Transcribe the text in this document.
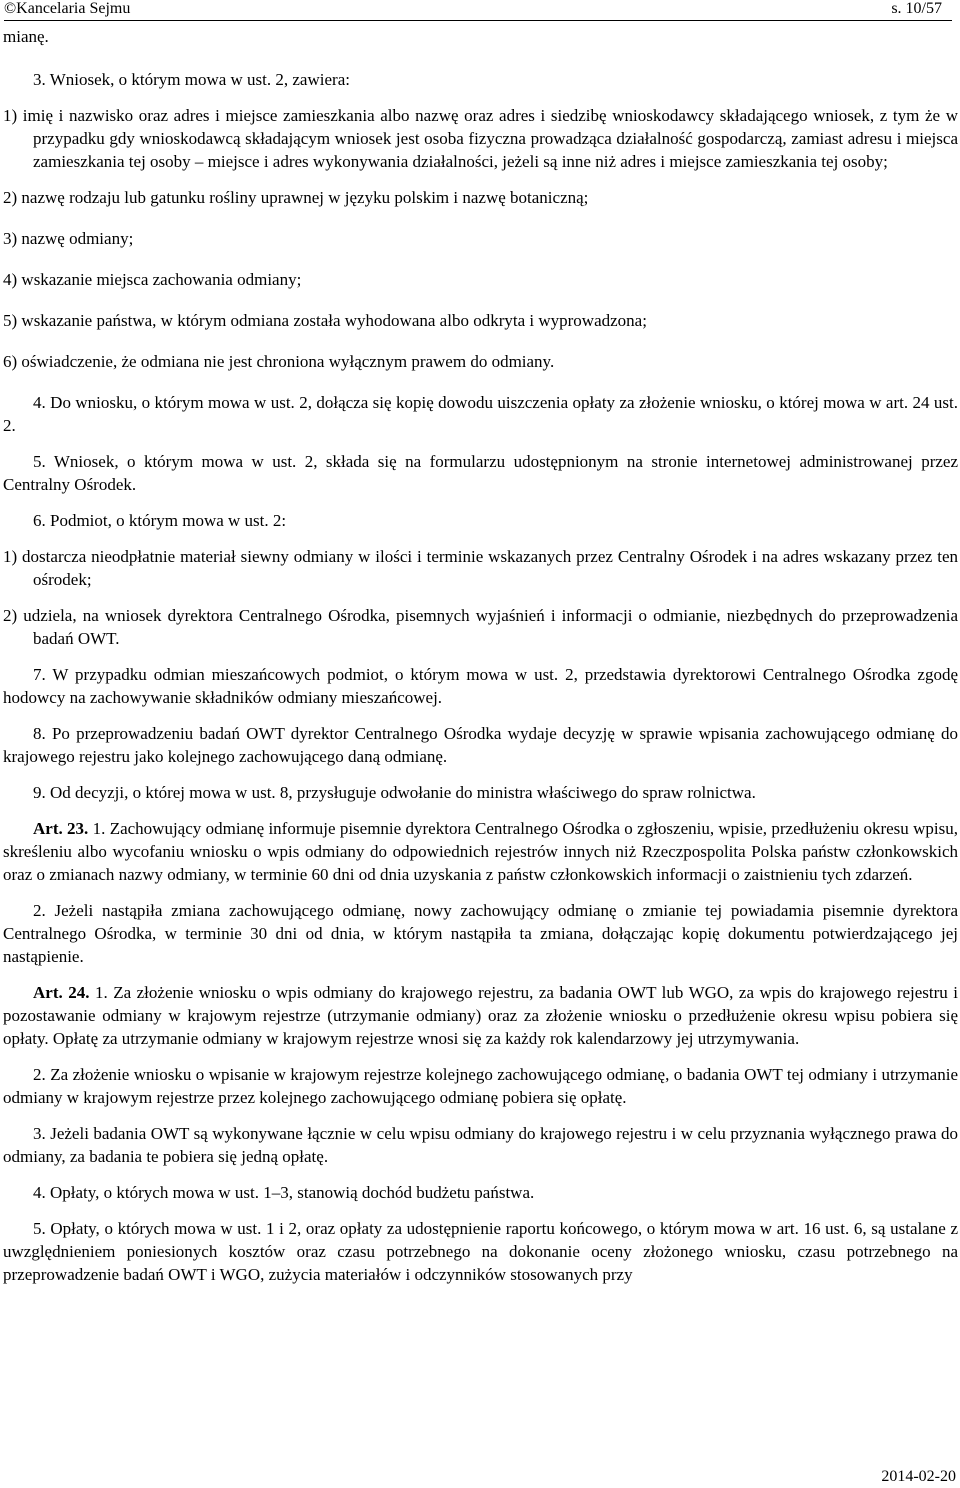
©Kancelaria Sejmu	s. 10/57

mianę.

3. Wniosek, o którym mowa w ust. 2, zawiera:

1) imię i nazwisko oraz adres i miejsce zamieszkania albo nazwę oraz adres i siedzibę wnioskodawcy składającego wniosek, z tym że w przypadku gdy wnioskodawcą składającym wniosek jest osoba fizyczna prowadząca działalność gospodarczą, zamiast adresu i miejsca zamieszkania tej osoby – miejsce i adres wykonywania działalności, jeżeli są inne niż adres i miejsce zamieszkania tej osoby;

2) nazwę rodzaju lub gatunku rośliny uprawnej w języku polskim i nazwę botaniczną;

3) nazwę odmiany;

4) wskazanie miejsca zachowania odmiany;

5) wskazanie państwa, w którym odmiana została wyhodowana albo odkryta i wyprowadzona;

6) oświadczenie, że odmiana nie jest chroniona wyłącznym prawem do odmiany.

4. Do wniosku, o którym mowa w ust. 2, dołącza się kopię dowodu uiszczenia opłaty za złożenie wniosku, o której mowa w art. 24 ust. 2.

5. Wniosek, o którym mowa w ust. 2, składa się na formularzu udostępnionym na stronie internetowej administrowanej przez Centralny Ośrodek.

6. Podmiot, o którym mowa w ust. 2:

1) dostarcza nieodpłatnie materiał siewny odmiany w ilości i terminie wskazanych przez Centralny Ośrodek i na adres wskazany przez ten ośrodek;

2) udziela, na wniosek dyrektora Centralnego Ośrodka, pisemnych wyjaśnień i informacji o odmianie, niezbędnych do przeprowadzenia badań OWT.

7. W przypadku odmian mieszańcowych podmiot, o którym mowa w ust. 2, przedstawia dyrektorowi Centralnego Ośrodka zgodę hodowcy na zachowywanie składników odmiany mieszańcowej.

8. Po przeprowadzeniu badań OWT dyrektor Centralnego Ośrodka wydaje decyzję w sprawie wpisania zachowującego odmianę do krajowego rejestru jako kolejnego zachowującego daną odmianę.

9. Od decyzji, o której mowa w ust. 8, przysługuje odwołanie do ministra właściwego do spraw rolnictwa.

Art. 23. 1. Zachowujący odmianę informuje pisemnie dyrektora Centralnego Ośrodka o zgłoszeniu, wpisie, przedłużeniu okresu wpisu, skreśleniu albo wycofaniu wniosku o wpis odmiany do odpowiednich rejestrów innych niż Rzeczpospolita Polska państw członkowskich oraz o zmianach nazwy odmiany, w terminie 60 dni od dnia uzyskania z państw członkowskich informacji o zaistnieniu tych zdarzeń.

2. Jeżeli nastąpiła zmiana zachowującego odmianę, nowy zachowujący odmianę o zmianie tej powiadamia pisemnie dyrektora Centralnego Ośrodka, w terminie 30 dni od dnia, w którym nastąpiła ta zmiana, dołączając kopię dokumentu potwierdzającego jej nastąpienie.

Art. 24. 1. Za złożenie wniosku o wpis odmiany do krajowego rejestru, za badania OWT lub WGO, za wpis do krajowego rejestru i pozostawanie odmiany w krajowym rejestrze (utrzymanie odmiany) oraz za złożenie wniosku o przedłużenie okresu wpisu pobiera się opłaty. Opłatę za utrzymanie odmiany w krajowym rejestrze wnosi się za każdy rok kalendarzowy jej utrzymywania.

2. Za złożenie wniosku o wpisanie w krajowym rejestrze kolejnego zachowującego odmianę, o badania OWT tej odmiany i utrzymanie odmiany w krajowym rejestrze przez kolejnego zachowującego odmianę pobiera się opłatę.

3. Jeżeli badania OWT są wykonywane łącznie w celu wpisu odmiany do krajowego rejestru i w celu przyznania wyłącznego prawa do odmiany, za badania te pobiera się jedną opłatę.

4. Opłaty, o których mowa w ust. 1–3, stanowią dochód budżetu państwa.

5. Opłaty, o których mowa w ust. 1 i 2, oraz opłaty za udostępnienie raportu końcowego, o którym mowa w art. 16 ust. 6, są ustalane z uwzględnieniem poniesionych kosztów oraz czasu potrzebnego na dokonanie oceny złożonego wniosku, czasu potrzebnego na przeprowadzenie badań OWT i WGO, zużycia materiałów i odczynników stosowanych przy

2014-02-20
